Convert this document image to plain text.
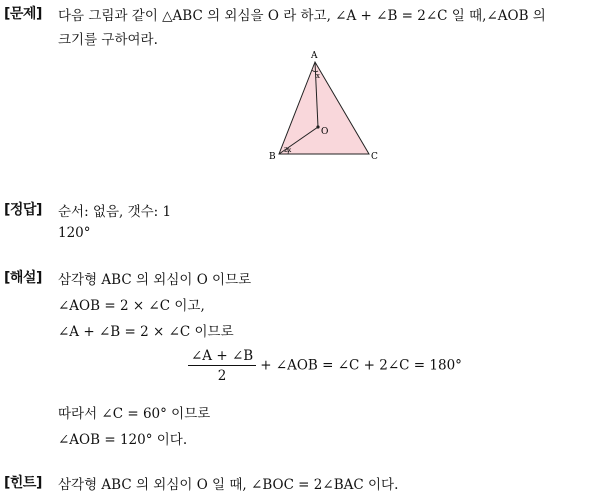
[문제] 다음 그림과 같이 △ABC 의 외심을 O 라 하고, ∠A + ∠B = 2∠C 일 때,∠AOB 의
크기를 구하여라.
A
B	C
O
x
2x
[정답] 순서: 없음, 갯수: 1
120°
[해설] 삼각형 ABC 의 외심이 O 이므로
∠AOB = 2 × ∠C 이고,
∠A + ∠B = 2 × ∠C 이므로
$\frac{\angle A + \angle B}{2}$ + ∠AOB = ∠C + 2∠C = 180°
따라서 ∠C = 60° 이므로
∠AOB = 120° 이다.
[힌트] 삼각형 ABC 의 외심이 O 일 때, ∠BOC = 2∠BAC 이다.
